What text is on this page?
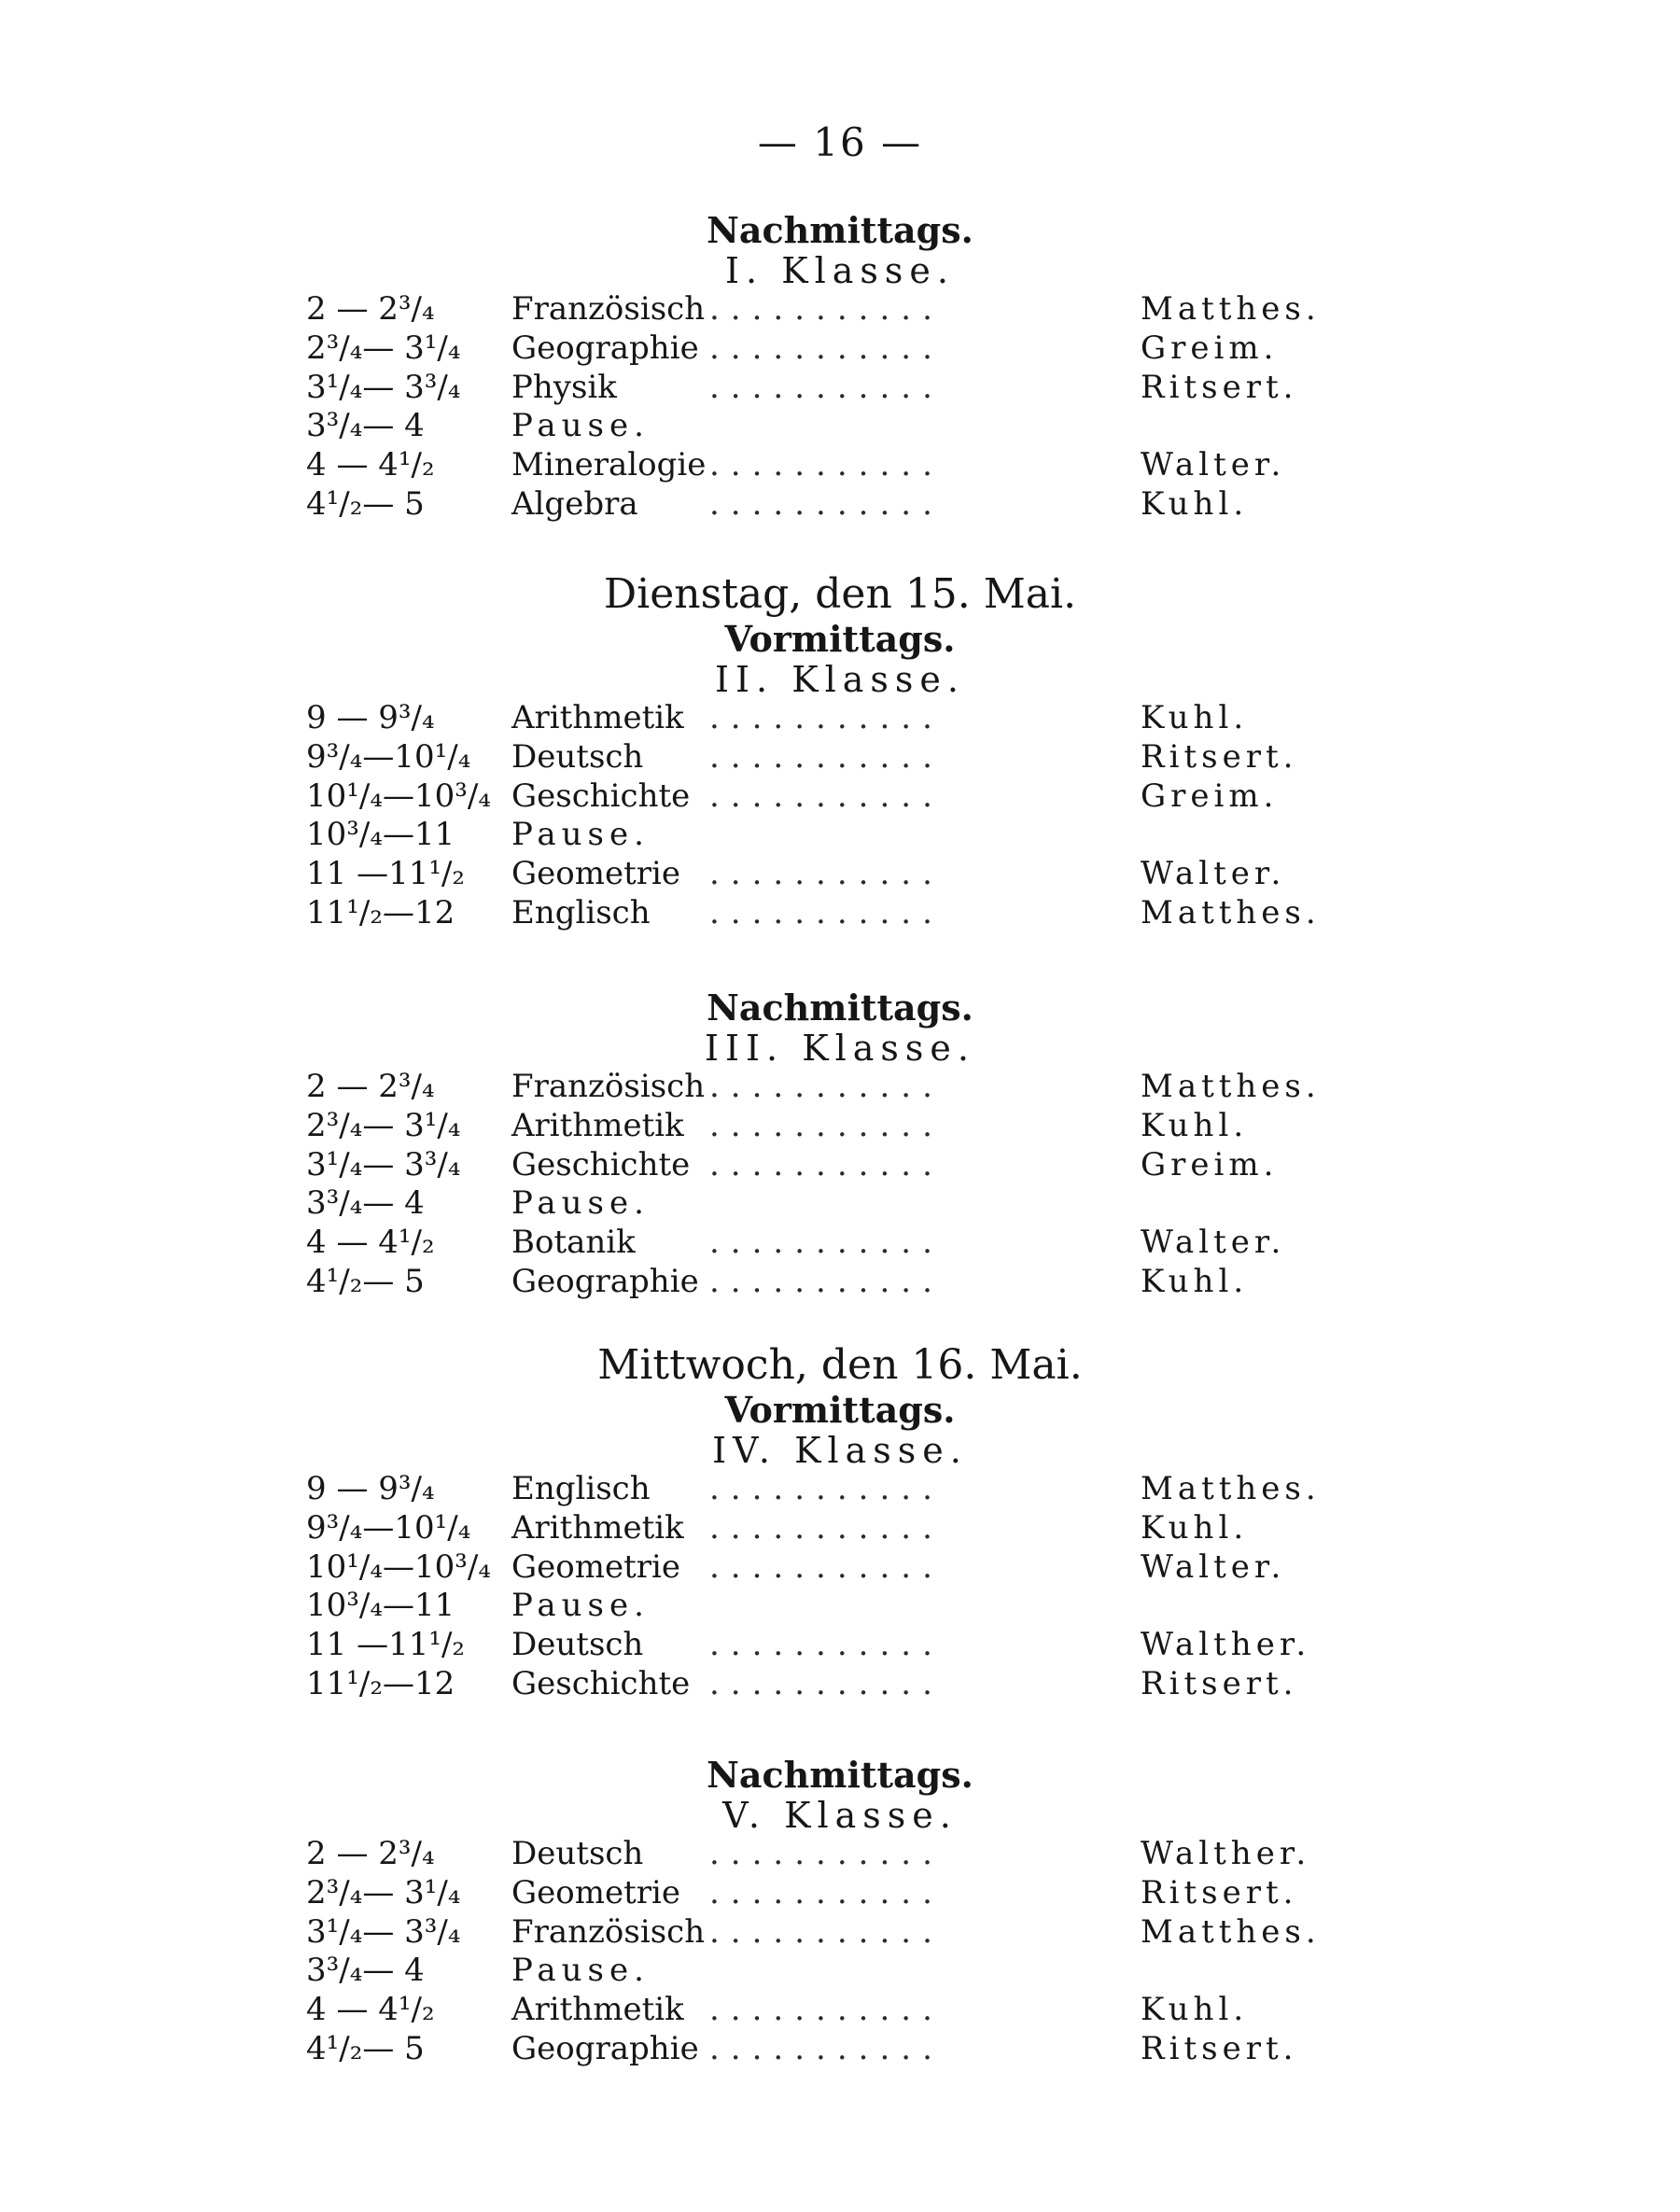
— 16 —
Nachmittags.
I. Klasse.
2 — 2³/₄	Französisch ...........	Matthes.
2³/₄— 3¹/₄	Geographie ...........	Greim.
3¹/₄— 3³/₄	Physik	...........	Ritsert.
3³/₄— 4	Pause.
4 — 4¹/₂	Mineralogie ...........	Walter.
4¹/₂— 5	Algebra ...........	Kuhl.
Dienstag, den 15. Mai.
Vormittags.
II. Klasse.
9 — 9³/₄	Arithmetik ...........	Kuhl.
9³/₄—10¹/₄	Deutsch ...........	Ritsert.
10¹/₄—10³/₄ Geschichte ...........	Greim.
10³/₄—11	Pause.
11 —11¹/₂	Geometrie ...........	Walter.
11¹/₂—12	Englisch ...........	Matthes.
Nachmittags.
III. Klasse.
2 — 2³/₄	Französisch ...........	Matthes.
2³/₄— 3¹/₄	Arithmetik ...........	Kuhl.
3¹/₄— 3³/₄	Geschichte ...........	Greim.
3³/₄— 4	Pause.
4 — 4¹/₂	Botanik ...........	Walter.
4¹/₂— 5	Geographie ...........	Kuhl.
Mittwoch, den 16. Mai.
Vormittags.
IV. Klasse.
9 — 9³/₄	Englisch ...........	Matthes.
9³/₄—10¹/₄	Arithmetik ...........	Kuhl.
10¹/₄—10³/₄ Geometrie ...........	Walter.
10³/₄—11	Pause.
11 —11¹/₂	Deutsch ...........	Walther.
11¹/₂—12	Geschichte ...........	Ritsert.
Nachmittags.
V. Klasse.
2 — 2³/₄	Deutsch ...........	Walther.
2³/₄— 3¹/₄	Geometrie ...........	Ritsert.
3¹/₄— 3³/₄	Französisch ...........	Matthes.
3³/₄— 4	Pause.
4 — 4¹/₂	Arithmetik ...........	Kuhl.
4¹/₂— 5	Geographie ...........	Ritsert.
